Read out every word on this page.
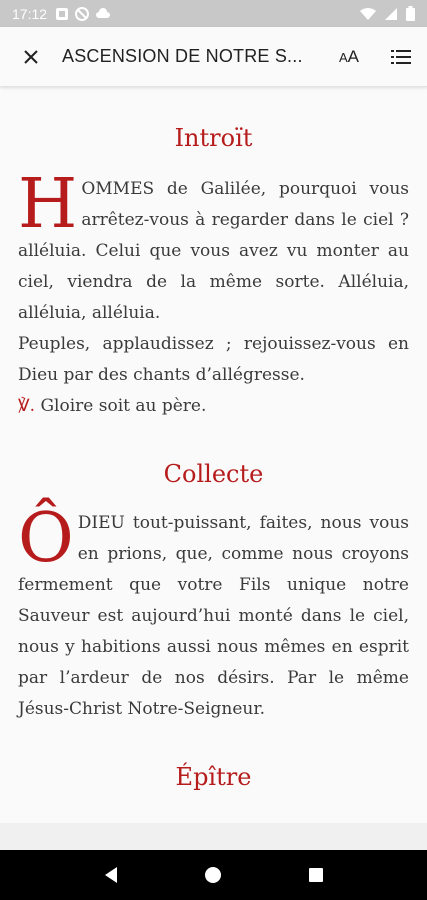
17:12
ASCENSION DE NOTRE S...	AA
Introït

HOMMES de Galilée, pourquoi vous arrêtez-vous à regarder dans le ciel ? alléluia. Celui que vous avez vu monter au ciel, viendra de la même sorte. Alléluia, alléluia, alléluia.

Peuples, applaudissez ; rejouissez-vous en Dieu par des chants d’allégresse.

℣. Gloire soit au père.

Collecte

ÔDIEU tout-puissant, faites, nous vous en prions, que, comme nous croyons fermement que votre Fils unique notre Sauveur est aujourd’hui monté dans le ciel, nous y habitions aussi nous mêmes en esprit par l’ardeur de nos désirs. Par le même Jésus-Christ Notre-Seigneur.

Épître
